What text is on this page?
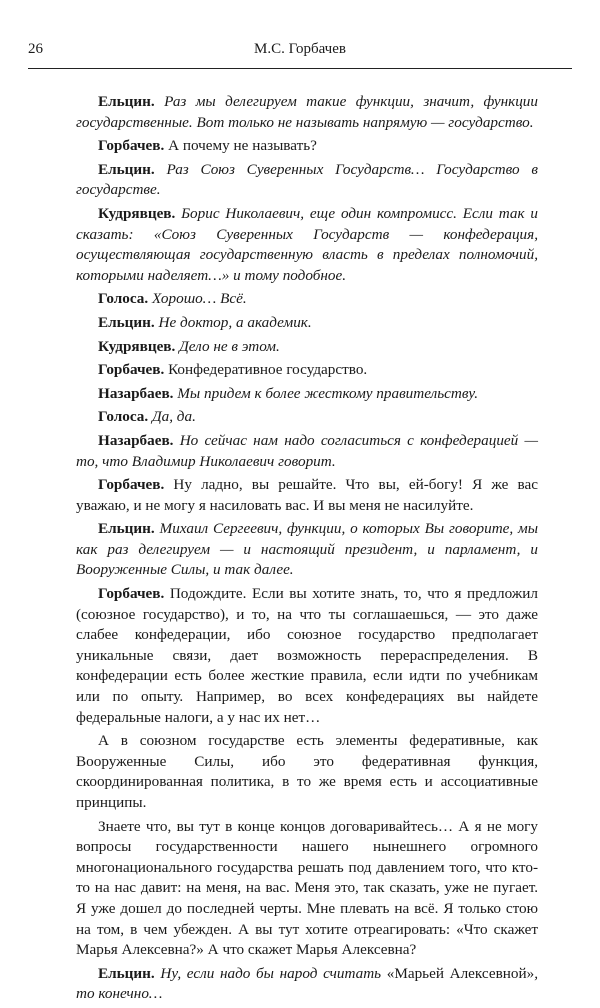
26	М.С. Горбачев

Ельцин. Раз мы делегируем такие функции, значит, функции государственные. Вот только не называть напрямую — государство.

Горбачев. А почему не называть?

Ельцин. Раз Союз Суверенных Государств… Государство в государстве.

Кудрявцев. Борис Николаевич, еще один компромисс. Если так и сказать: «Союз Суверенных Государств — конфедерация, осуществляющая государственную власть в пределах полномочий, которыми наделяет…» и тому подобное.

Голоса. Хорошо… Всё.

Ельцин. Не доктор, а академик.

Кудрявцев. Дело не в этом.

Горбачев. Конфедеративное государство.

Назарбаев. Мы придем к более жесткому правительству.

Голоса. Да, да.

Назарбаев. Но сейчас нам надо согласиться с конфедерацией — то, что Владимир Николаевич говорит.

Горбачев. Ну ладно, вы решайте. Что вы, ей-богу! Я же вас уважаю, и не могу я насиловать вас. И вы меня не насилуйте.

Ельцин. Михаил Сергеевич, функции, о которых Вы говорите, мы как раз делегируем — и настоящий президент, и парламент, и Вооруженные Силы, и так далее.

Горбачев. Подождите. Если вы хотите знать, то, что я предложил (союзное государство), и то, на что ты соглашаешься, — это даже слабее конфедерации, ибо союзное государство предполагает уникальные связи, дает возможность перераспределения. В конфедерации есть более жесткие правила, если идти по учебникам или по опыту. Например, во всех конфедерациях вы найдете федеральные налоги, а у нас их нет…

А в союзном государстве есть элементы федеративные, как Вооруженные Силы, ибо это федеративная функция, скоординированная политика, в то же время есть и ассоциативные принципы.

Знаете что, вы тут в конце концов договаривайтесь… А я не могу вопросы государственности нашего нынешнего огромного многонационального государства решать под давлением того, что кто-то на нас давит: на меня, на вас. Меня это, так сказать, уже не пугает. Я уже дошел до последней черты. Мне плевать на всё. Я только стою на том, в чем убежден. А вы тут хотите отреагировать: «Что скажет Марья Алексевна?» А что скажет Марья Алексевна?

Ельцин. Ну, если надо бы народ считать «Марьей Алексевной», то конечно…
